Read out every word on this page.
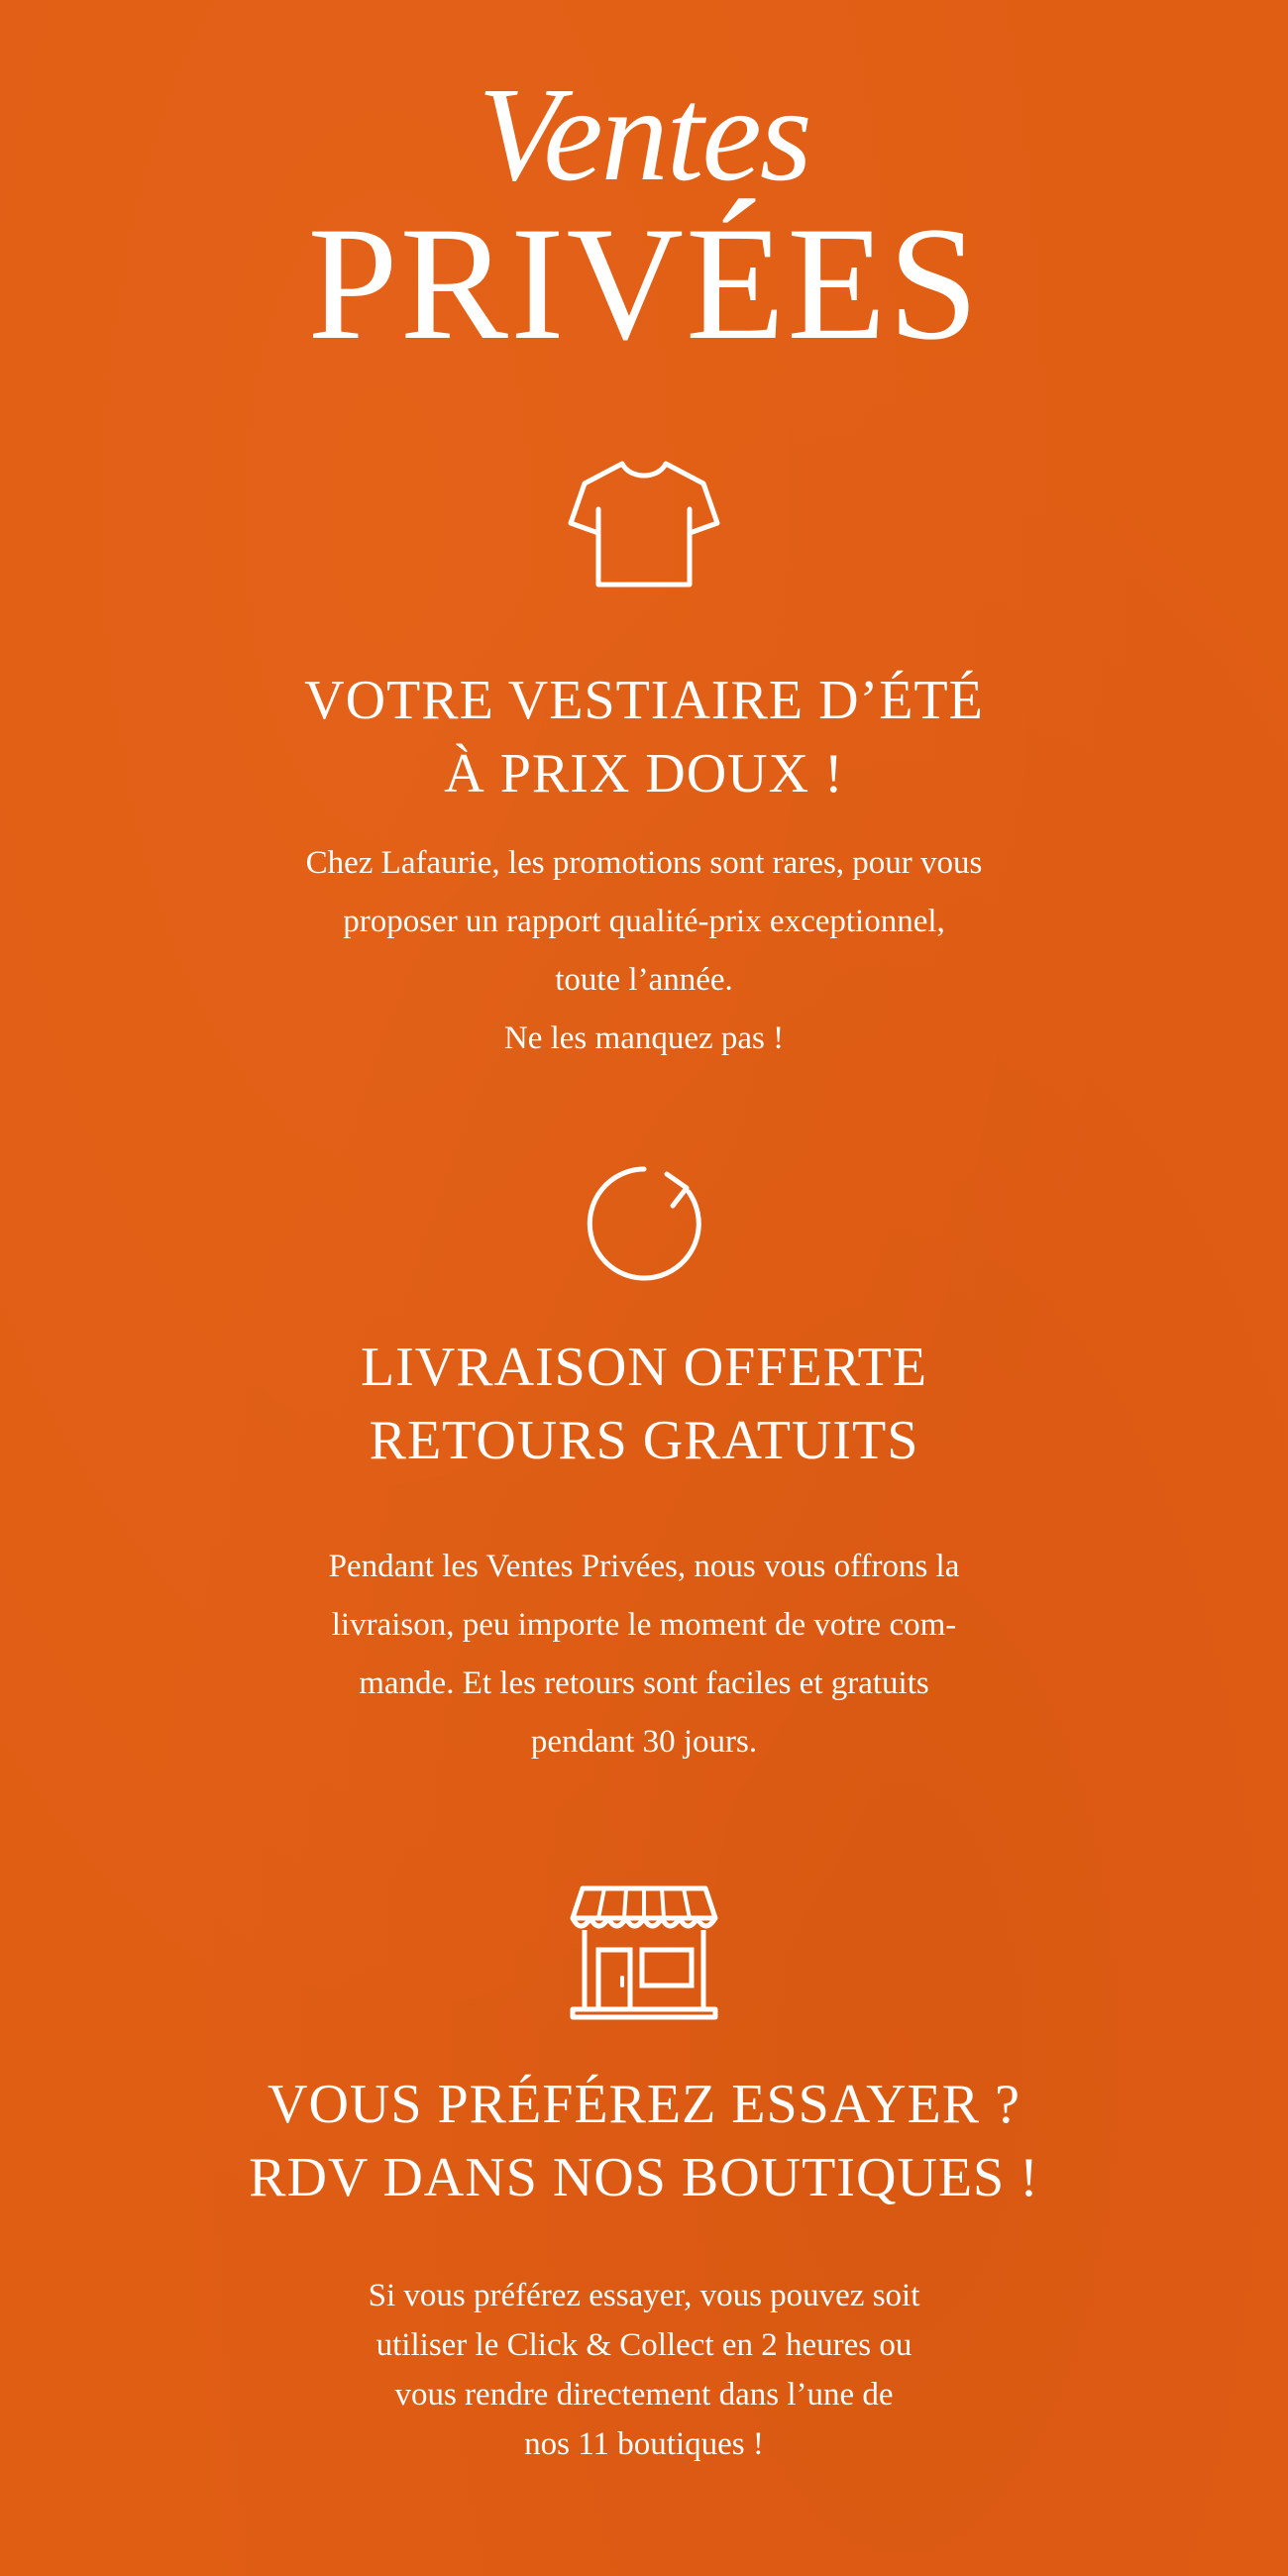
Ventes
PRIVÉES
VOTRE VESTIAIRE D’ÉTÉ
À PRIX DOUX !
Chez Lafaurie, les promotions sont rares, pour vous
proposer un rapport qualité-prix exceptionnel,
toute l’année.
Ne les manquez pas !
LIVRAISON OFFERTE
RETOURS GRATUITS
Pendant les Ventes Privées, nous vous offrons la
livraison, peu importe le moment de votre com-
mande. Et les retours sont faciles et gratuits
pendant 30 jours.
VOUS PRÉFÉREZ ESSAYER ?
RDV DANS NOS BOUTIQUES !
Si vous préférez essayer, vous pouvez soit
utiliser le Click & Collect en 2 heures ou
vous rendre directement dans l’une de
nos 11 boutiques !
